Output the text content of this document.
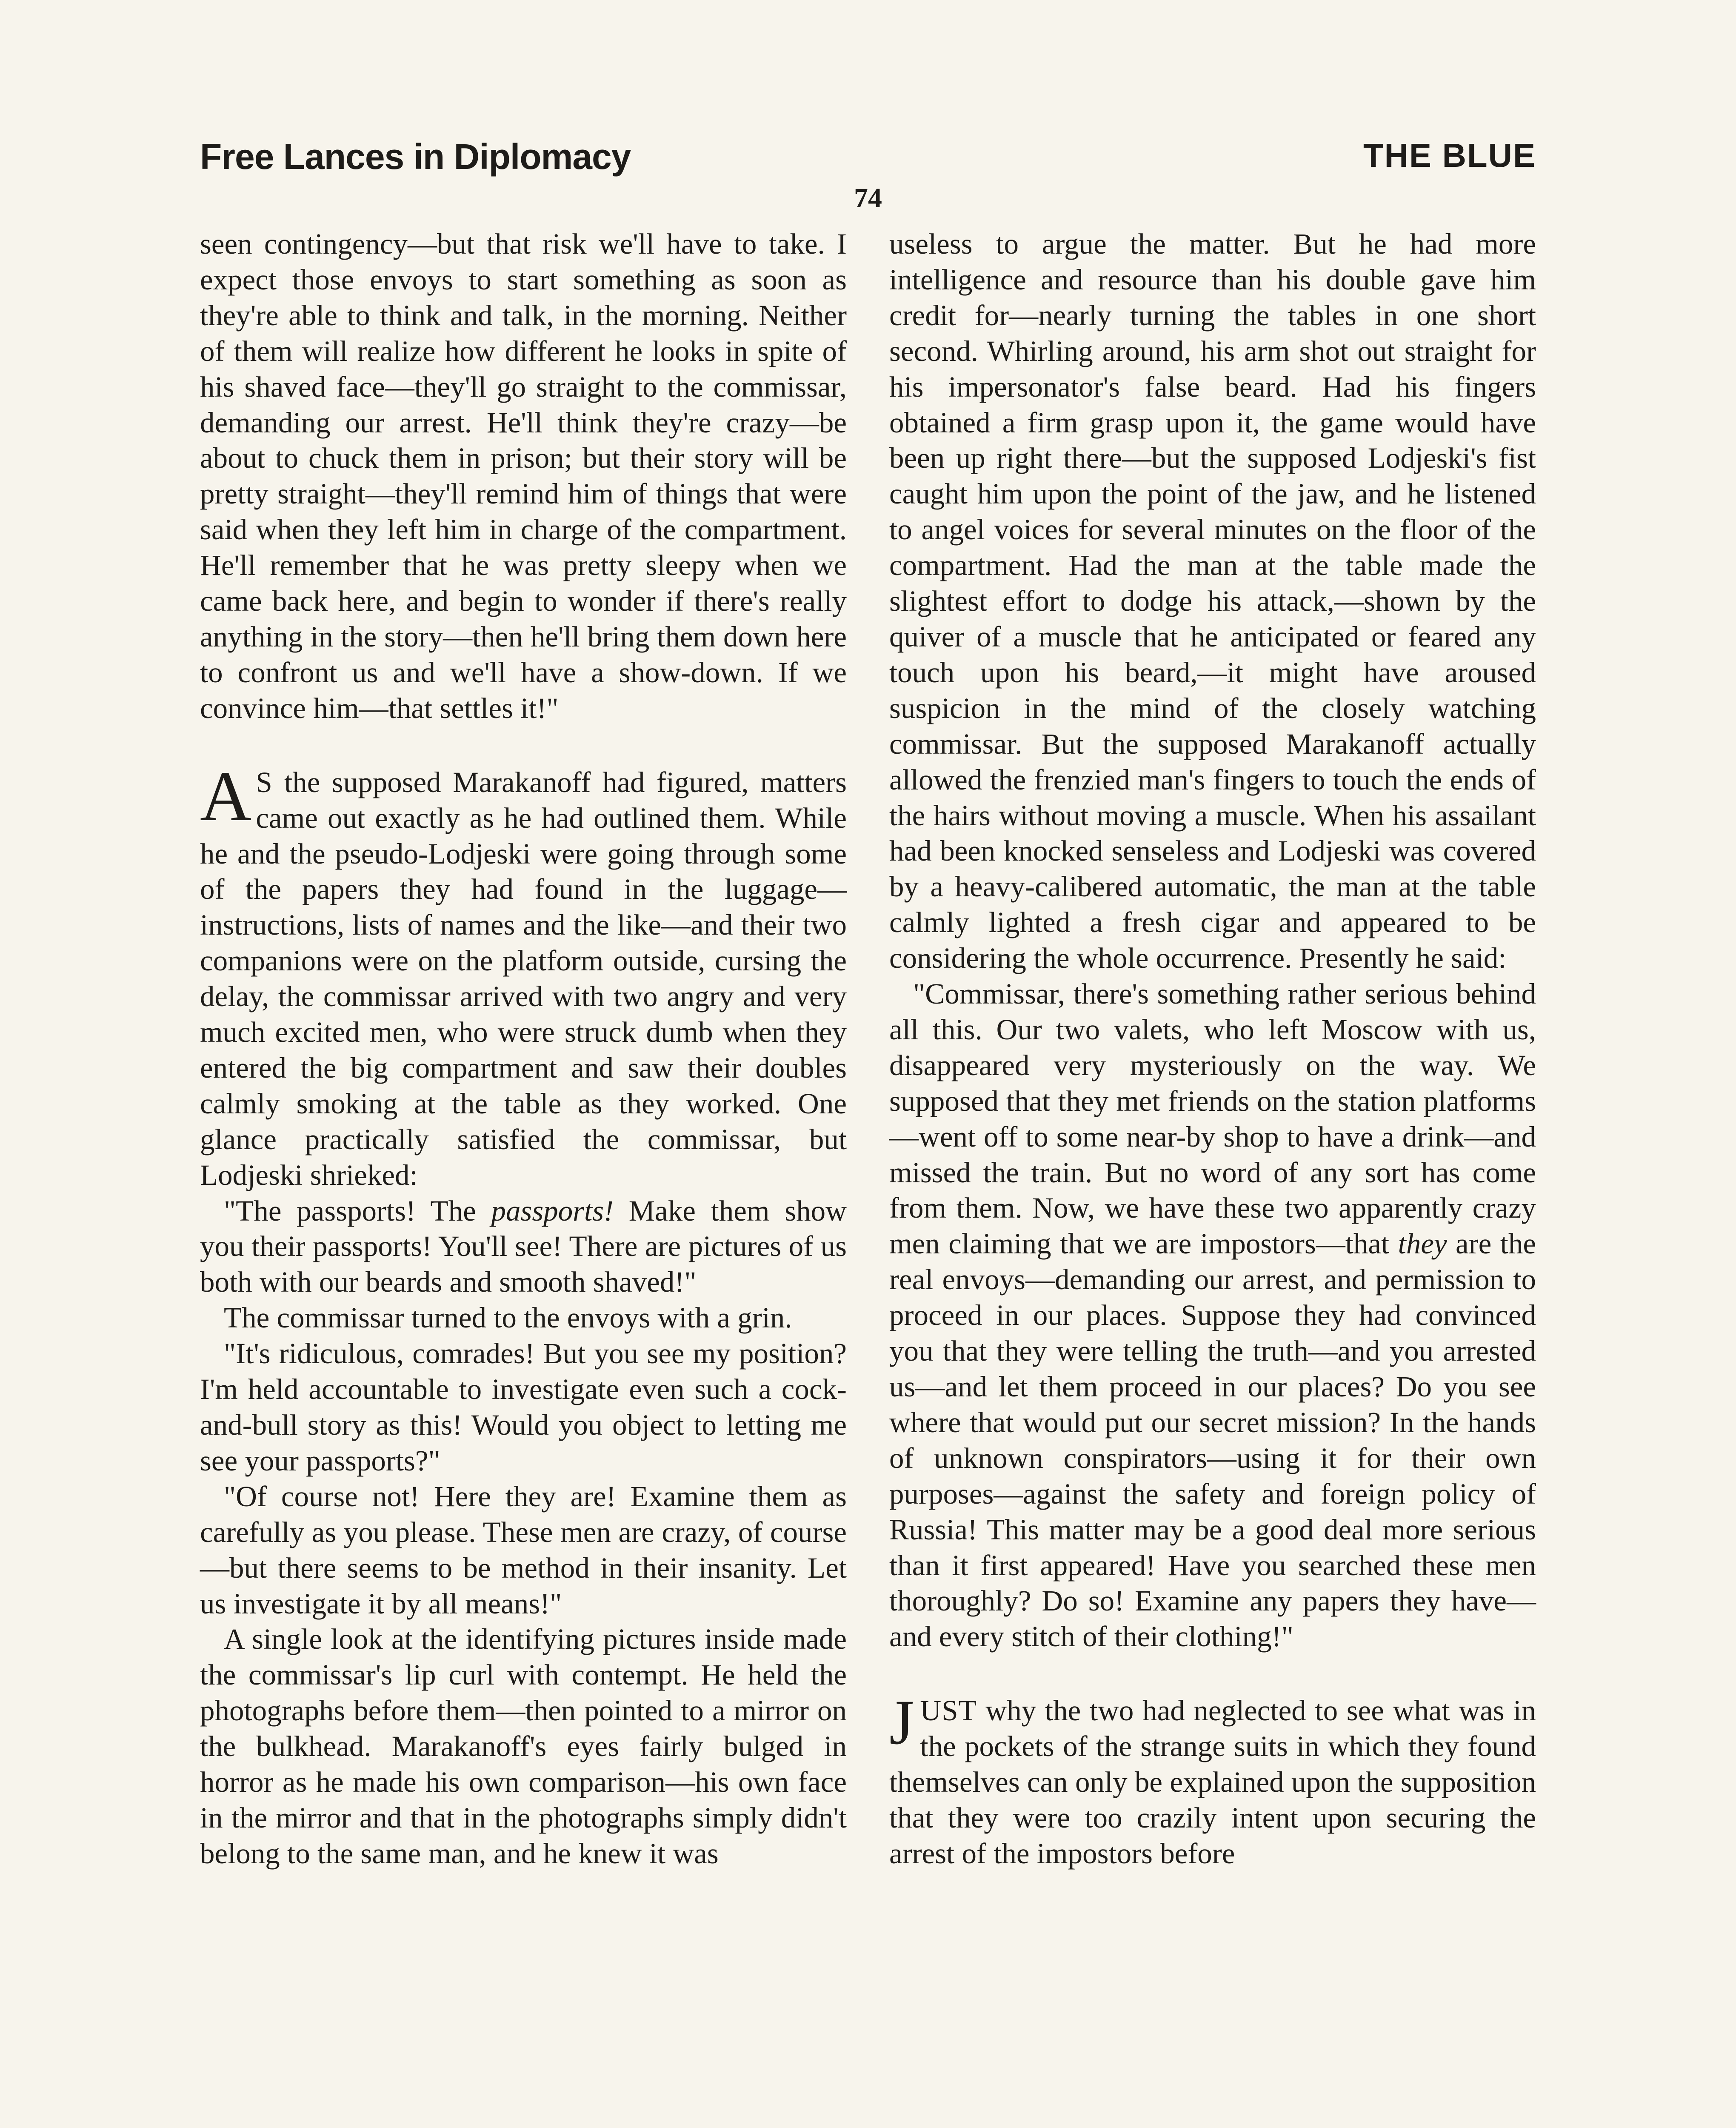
Free Lances in Diplomacy	THE BLUE
74

seen contingency—but that risk we'll have to take. I expect those envoys to start something as soon as they're able to think and talk, in the morning. Neither of them will realize how different he looks in spite of his shaved face—they'll go straight to the commissar, demanding our arrest. He'll think they're crazy—be about to chuck them in prison; but their story will be pretty straight—they'll remind him of things that were said when they left him in charge of the compartment. He'll remember that he was pretty sleepy when we came back here, and begin to wonder if there's really anything in the story—then he'll bring them down here to confront us and we'll have a show-down. If we convince him—that settles it!"

A S the supposed Marakanoff had figured, matters came out exactly as he had outlined them. While he and the pseudo-Lodjeski were going through some of the papers they had found in the luggage—instructions, lists of names and the like—and their two companions were on the platform outside, cursing the delay, the commissar arrived with two angry and very much excited men, who were struck dumb when they entered the big compartment and saw their doubles calmly smoking at the table as they worked. One glance practically satisfied the commissar, but Lodjeski shrieked:

"The passports! The passports! Make them show you their passports! You'll see! There are pictures of us both with our beards and smooth shaved!"

The commissar turned to the envoys with a grin.

"It's ridiculous, comrades! But you see my position? I'm held accountable to investigate even such a cock-and-bull story as this! Would you object to letting me see your passports?"

"Of course not! Here they are! Examine them as carefully as you please. These men are crazy, of course—but there seems to be method in their insanity. Let us investigate it by all means!"

A single look at the identifying pictures inside made the commissar's lip curl with contempt. He held the photographs before them—then pointed to a mirror on the bulkhead. Marakanoff's eyes fairly bulged in horror as he made his own comparison—his own face in the mirror and that in the photographs simply didn't belong to the same man, and he knew it was

useless to argue the matter. But he had more intelligence and resource than his double gave him credit for—nearly turning the tables in one short second. Whirling around, his arm shot out straight for his impersonator's false beard. Had his fingers obtained a firm grasp upon it, the game would have been up right there—but the supposed Lodjeski's fist caught him upon the point of the jaw, and he listened to angel voices for several minutes on the floor of the compartment. Had the man at the table made the slightest effort to dodge his attack,—shown by the quiver of a muscle that he anticipated or feared any touch upon his beard,—it might have aroused suspicion in the mind of the closely watching commissar. But the supposed Marakanoff actually allowed the frenzied man's fingers to touch the ends of the hairs without moving a muscle. When his assailant had been knocked senseless and Lodjeski was covered by a heavy-calibered automatic, the man at the table calmly lighted a fresh cigar and appeared to be considering the whole occurrence. Presently he said:

"Commissar, there's something rather serious behind all this. Our two valets, who left Moscow with us, disappeared very mysteriously on the way. We supposed that they met friends on the station platforms—went off to some near-by shop to have a drink—and missed the train. But no word of any sort has come from them. Now, we have these two apparently crazy men claiming that we are impostors—that they are the real envoys—demanding our arrest, and permission to proceed in our places. Suppose they had convinced you that they were telling the truth—and you arrested us—and let them proceed in our places? Do you see where that would put our secret mission? In the hands of unknown conspirators—using it for their own purposes—against the safety and foreign policy of Russia! This matter may be a good deal more serious than it first appeared! Have you searched these men thoroughly? Do so! Examine any papers they have—and every stitch of their clothing!"

JUST why the two had neglected to see what was in the pockets of the strange suits in which they found themselves can only be explained upon the supposition that they were too crazily intent upon securing the arrest of the impostors before
